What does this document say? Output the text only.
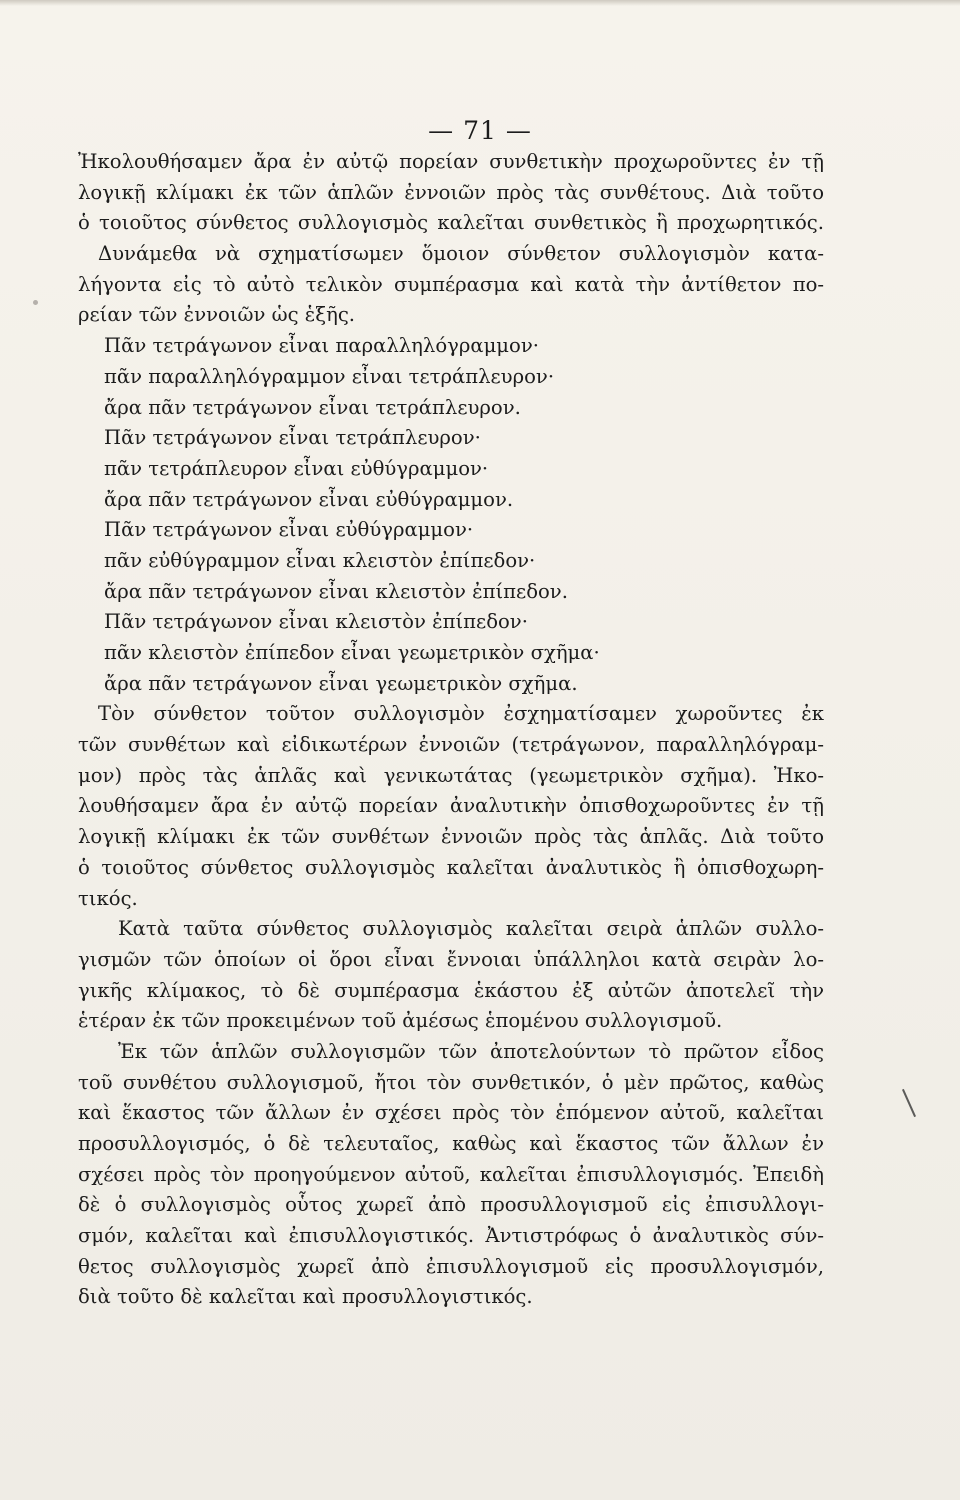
— 71 —
Ἠκολουθήσαμεν ἄρα ἐν αὐτῷ πορείαν συνθετικὴν προχωροῦντες ἐν τῇ
λογικῇ κλίμακι ἐκ τῶν ἁπλῶν ἐννοιῶν πρὸς τὰς συνθέτους. Διὰ τοῦτο
ὁ τοιοῦτος σύνθετος συλλογισμὸς καλεῖται συνθετικὸς ἢ προχωρητικός.
Δυνάμεθα νὰ σχηματίσωμεν ὅμοιον σύνθετον συλλογισμὸν κατα-
λήγοντα εἰς τὸ αὐτὸ τελικὸν συμπέρασμα καὶ κατὰ τὴν ἀντίθετον πο-
ρείαν τῶν ἐννοιῶν ὡς ἑξῆς.
Πᾶν τετράγωνον εἶναι παραλληλόγραμμον·
πᾶν παραλληλόγραμμον εἶναι τετράπλευρον·
ἄρα πᾶν τετράγωνον εἶναι τετράπλευρον.
Πᾶν τετράγωνον εἶναι τετράπλευρον·
πᾶν τετράπλευρον εἶναι εὐθύγραμμον·
ἄρα πᾶν τετράγωνον εἶναι εὐθύγραμμον.
Πᾶν τετράγωνον εἶναι εὐθύγραμμον·
πᾶν εὐθύγραμμον εἶναι κλειστὸν ἐπίπεδον·
ἄρα πᾶν τετράγωνον εἶναι κλειστὸν ἐπίπεδον.
Πᾶν τετράγωνον εἶναι κλειστὸν ἐπίπεδον·
πᾶν κλειστὸν ἐπίπεδον εἶναι γεωμετρικὸν σχῆμα·
ἄρα πᾶν τετράγωνον εἶναι γεωμετρικὸν σχῆμα.
Τὸν σύνθετον τοῦτον συλλογισμὸν ἐσχηματίσαμεν χωροῦντες ἐκ
τῶν συνθέτων καὶ εἰδικωτέρων ἐννοιῶν (τετράγωνον, παραλληλόγραμ-
μον) πρὸς τὰς ἁπλᾶς καὶ γενικωτάτας (γεωμετρικὸν σχῆμα). Ἠκο-
λουθήσαμεν ἄρα ἐν αὐτῷ πορείαν ἀναλυτικὴν ὀπισθοχωροῦντες ἐν τῇ
λογικῇ κλίμακι ἐκ τῶν συνθέτων ἐννοιῶν πρὸς τὰς ἁπλᾶς. Διὰ τοῦτο
ὁ τοιοῦτος σύνθετος συλλογισμὸς καλεῖται ἀναλυτικὸς ἢ ὀπισθοχωρη-
τικός.
Κατὰ ταῦτα σύνθετος συλλογισμὸς καλεῖται σειρὰ ἁπλῶν συλλο-
γισμῶν τῶν ὁποίων οἱ ὅροι εἶναι ἔννοιαι ὑπάλληλοι κατὰ σειρὰν λο-
γικῆς κλίμακος, τὸ δὲ συμπέρασμα ἑκάστου ἐξ αὐτῶν ἀποτελεῖ τὴν
ἑτέραν ἐκ τῶν προκειμένων τοῦ ἀμέσως ἑπομένου συλλογισμοῦ.
Ἐκ τῶν ἁπλῶν συλλογισμῶν τῶν ἀποτελούντων τὸ πρῶτον εἶδος
τοῦ συνθέτου συλλογισμοῦ, ἤτοι τὸν συνθετικόν, ὁ μὲν πρῶτος, καθὼς
καὶ ἕκαστος τῶν ἄλλων ἐν σχέσει πρὸς τὸν ἑπόμενον αὐτοῦ, καλεῖται
προσυλλογισμός, ὁ δὲ τελευταῖος, καθὼς καὶ ἕκαστος τῶν ἄλλων ἐν
σχέσει πρὸς τὸν προηγούμενον αὐτοῦ, καλεῖται ἐπισυλλογισμός. Ἐπειδὴ
δὲ ὁ συλλογισμὸς οὗτος χωρεῖ ἀπὸ προσυλλογισμοῦ εἰς ἐπισυλλογι-
σμόν, καλεῖται καὶ ἐπισυλλογιστικός. Ἀντιστρόφως ὁ ἀναλυτικὸς σύν-
θετος συλλογισμὸς χωρεῖ ἀπὸ ἐπισυλλογισμοῦ εἰς προσυλλογισμόν,
διὰ τοῦτο δὲ καλεῖται καὶ προσυλλογιστικός.
